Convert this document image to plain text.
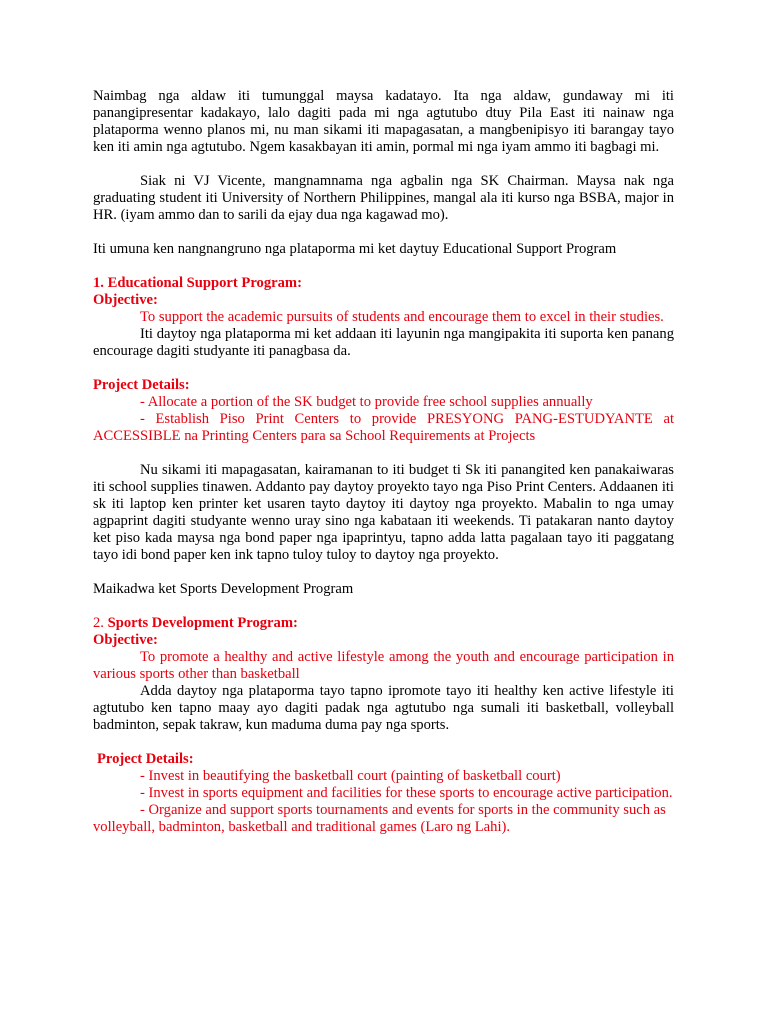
Naimbag nga aldaw iti tumunggal maysa kadatayo. Ita nga aldaw, gundaway mi iti panangipresentar kadakayo, lalo dagiti pada mi nga agtutubo dtuy Pila East iti nainaw nga plataporma wenno planos mi, nu man sikami iti mapagasatan, a mangbenipisyo iti barangay tayo ken iti amin nga agtutubo. Ngem kasakbayan iti amin, pormal mi nga iyam ammo iti bagbagi mi.

Siak ni VJ Vicente, mangnamnama nga agbalin nga SK Chairman. Maysa nak nga graduating student iti University of Northern Philippines, mangal ala iti kurso nga BSBA, major in HR. (iyam ammo dan to sarili da ejay dua nga kagawad mo).

Iti umuna ken nangnangruno nga plataporma mi ket daytuy Educational Support Program

1. Educational Support Program:

Objective:

To support the academic pursuits of students and encourage them to excel in their studies.

Iti daytoy nga plataporma mi ket addaan iti layunin nga mangipakita iti suporta ken panang encourage dagiti studyante iti panagbasa da.

Project Details:

- Allocate a portion of the SK budget to provide free school supplies annually

- Establish Piso Print Centers to provide PRESYONG PANG-ESTUDYANTE at ACCESSIBLE na Printing Centers para sa School Requirements at Projects

Nu sikami iti mapagasatan, kairamanan to iti budget ti Sk iti panangited ken panakaiwaras iti school supplies tinawen. Addanto pay daytoy proyekto tayo nga Piso Print Centers. Addaanen iti sk iti laptop ken printer ket usaren tayto daytoy iti daytoy nga proyekto. Mabalin to nga umay agpaprint dagiti studyante wenno uray sino nga kabataan iti weekends. Ti patakaran nanto daytoy ket piso kada maysa nga bond paper nga ipaprintyu, tapno adda latta pagalaan tayo iti paggatang tayo idi bond paper ken ink tapno tuloy tuloy to daytoy nga proyekto.

Maikadwa ket Sports Development Program

2. Sports Development Program:

Objective:

To promote a healthy and active lifestyle among the youth and encourage participation in various sports other than basketball

Adda daytoy nga plataporma tayo tapno ipromote tayo iti healthy ken active lifestyle iti agtutubo ken tapno maay ayo dagiti padak nga agtutubo nga sumali iti basketball, volleyball badminton, sepak takraw, kun maduma duma pay nga sports.

Project Details:

- Invest in beautifying the basketball court (painting of basketball court)

- Invest in sports equipment and facilities for these sports to encourage active participation.

- Organize and support sports tournaments and events for sports in the community such as volleyball, badminton, basketball and traditional games (Laro ng Lahi).
